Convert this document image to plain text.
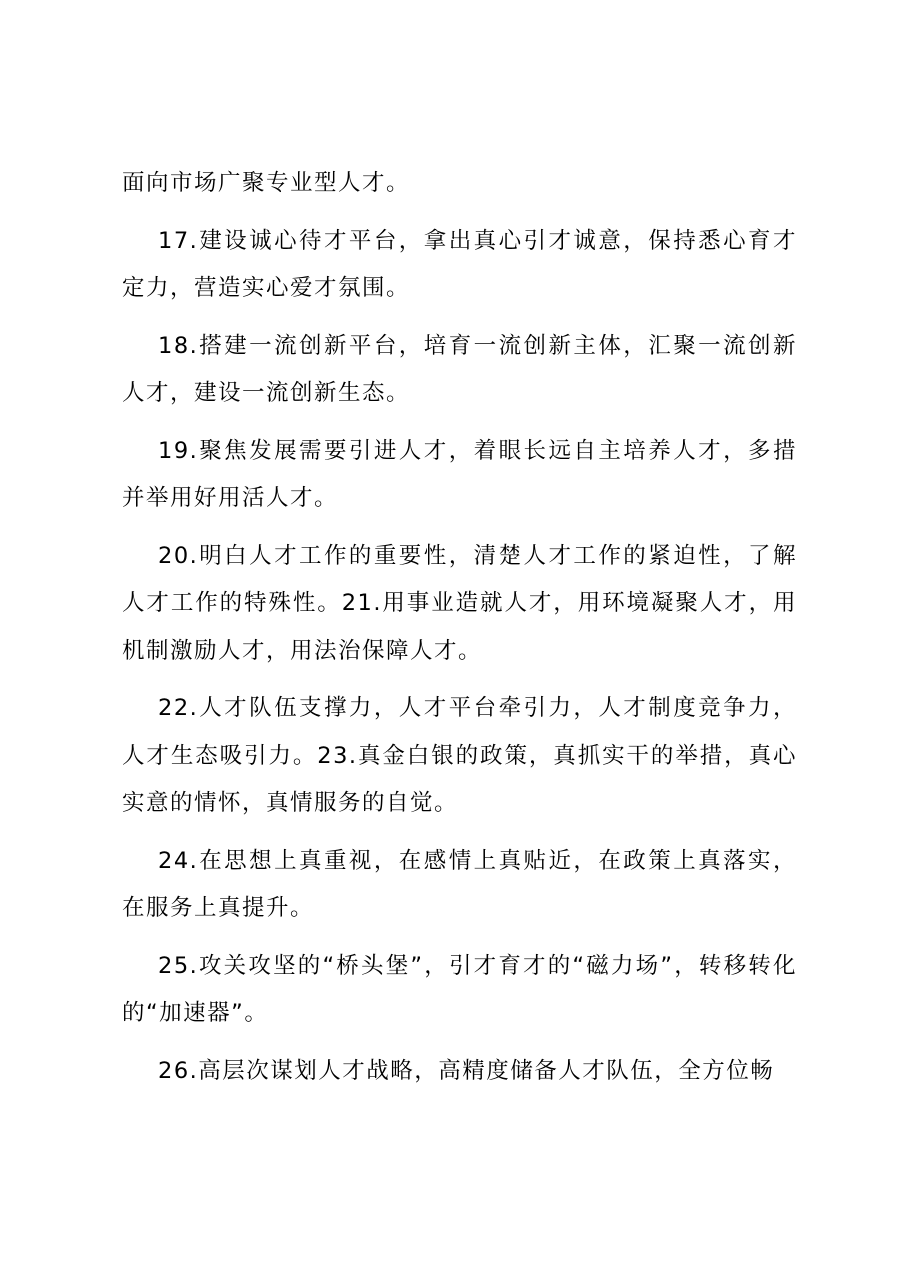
面向市场广聚专业型人才。

17.建设诚心待才平台，拿出真心引才诚意，保持悉心育才定力，营造实心爱才氛围。

18.搭建一流创新平台，培育一流创新主体，汇聚一流创新人才，建设一流创新生态。

19.聚焦发展需要引进人才，着眼长远自主培养人才，多措并举用好用活人才。

20.明白人才工作的重要性，清楚人才工作的紧迫性，了解人才工作的特殊性。21.用事业造就人才，用环境凝聚人才，用机制激励人才，用法治保障人才。

22.人才队伍支撑力，人才平台牵引力，人才制度竞争力，人才生态吸引力。23.真金白银的政策，真抓实干的举措，真心实意的情怀，真情服务的自觉。

24.在思想上真重视，在感情上真贴近，在政策上真落实，在服务上真提升。

25.攻关攻坚的“桥头堡”，引才育才的“磁力场”，转移转化的“加速器”。

26.高层次谋划人才战略，高精度储备人才队伍，全方位畅
